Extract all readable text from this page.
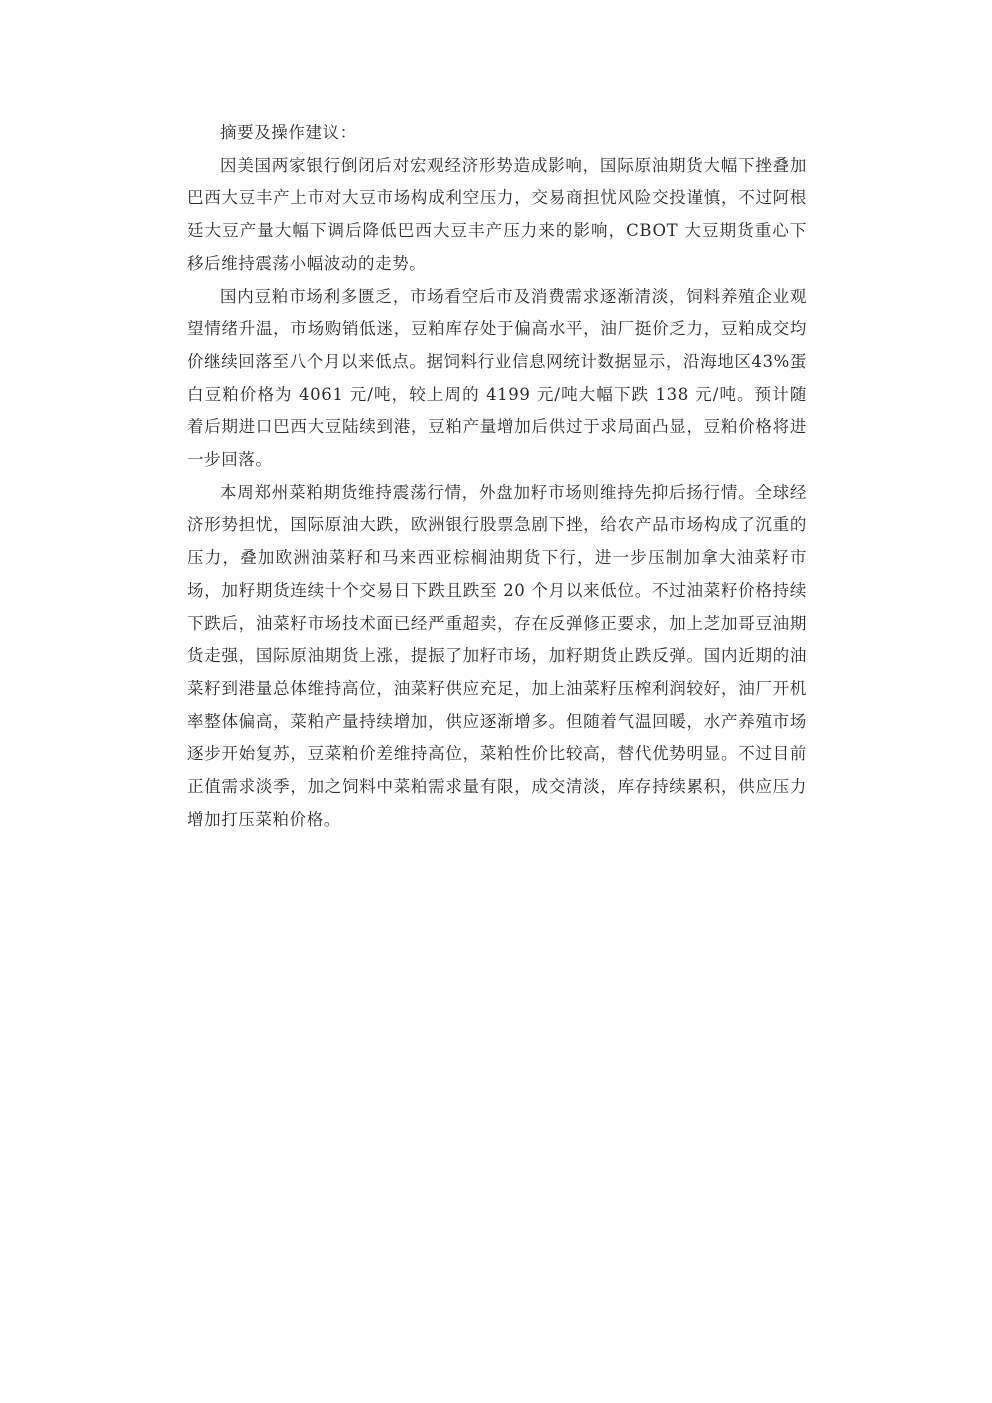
摘要及操作建议：

因美国两家银行倒闭后对宏观经济形势造成影响，国际原油期货大幅下挫叠加巴西大豆丰产上市对大豆市场构成利空压力，交易商担忧风险交投谨慎，不过阿根廷大豆产量大幅下调后降低巴西大豆丰产压力来的影响，CBOT 大豆期货重心下移后维持震荡小幅波动的走势。

国内豆粕市场利多匮乏，市场看空后市及消费需求逐渐清淡，饲料养殖企业观望情绪升温，市场购销低迷，豆粕库存处于偏高水平，油厂挺价乏力，豆粕成交均价继续回落至八个月以来低点。据饲料行业信息网统计数据显示，沿海地区43%蛋白豆粕价格为 4061 元/吨，较上周的 4199 元/吨大幅下跌 138 元/吨。预计随着后期进口巴西大豆陆续到港，豆粕产量增加后供过于求局面凸显，豆粕价格将进一步回落。

本周郑州菜粕期货维持震荡行情，外盘加籽市场则维持先抑后扬行情。全球经济形势担忧，国际原油大跌，欧洲银行股票急剧下挫，给农产品市场构成了沉重的压力，叠加欧洲油菜籽和马来西亚棕榈油期货下行，进一步压制加拿大油菜籽市场，加籽期货连续十个交易日下跌且跌至 20 个月以来低位。不过油菜籽价格持续下跌后，油菜籽市场技术面已经严重超卖，存在反弹修正要求，加上芝加哥豆油期货走强，国际原油期货上涨，提振了加籽市场，加籽期货止跌反弹。国内近期的油菜籽到港量总体维持高位，油菜籽供应充足，加上油菜籽压榨利润较好，油厂开机率整体偏高，菜粕产量持续增加，供应逐渐增多。但随着气温回暖，水产养殖市场逐步开始复苏，豆菜粕价差维持高位，菜粕性价比较高，替代优势明显。不过目前正值需求淡季，加之饲料中菜粕需求量有限，成交清淡，库存持续累积，供应压力增加打压菜粕价格。
